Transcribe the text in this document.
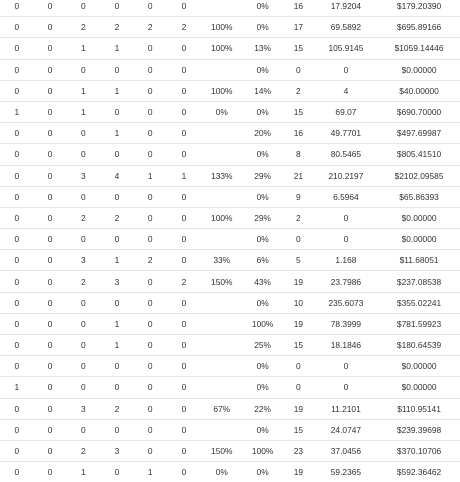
0	0	0	0	0	0		0%	16	17.9204	$179.20390
0	0	2	2	2	2	100%	0%	17	69.5892	$695.89166
0	0	1	1	0	0	100%	13%	15	105.9145	$1059.14446
0	0	0	0	0	0		0%	0	0	$0.00000
0	0	1	1	0	0	100%	14%	2	4	$40.00000
1	0	1	0	0	0	0%	0%	15	69.07	$690.70000
0	0	0	1	0	0		20%	16	49.7701	$497.69987
0	0	0	0	0	0		0%	8	80.5465	$805.41510
0	0	3	4	1	1	133%	29%	21	210.2197	$2102.09585
0	0	0	0	0	0		0%	9	6.5964	$65.86393
0	0	2	2	0	0	100%	29%	2	0	$0.00000
0	0	0	0	0	0		0%	0	0	$0.00000
0	0	3	1	2	0	33%	6%	5	1.168	$11.68051
0	0	2	3	0	2	150%	43%	19	23.7986	$237.08538
0	0	0	0	0	0		0%	10	235.6073	$355.02241
0	0	0	1	0	0		100%	19	78.3999	$781.59923
0	0	0	1	0	0		25%	15	18.1846	$180.64539
0	0	0	0	0	0		0%	0	0	$0.00000
1	0	0	0	0	0		0%	0	0	$0.00000
0	0	3	2	0	0	67%	22%	19	11.2101	$110.95141
0	0	0	0	0	0		0%	15	24.0747	$239.39698
0	0	2	3	0	0	150%	100%	23	37.0456	$370.10706
0	0	1	0	1	0	0%	0%	19	59.2365	$592.36462
